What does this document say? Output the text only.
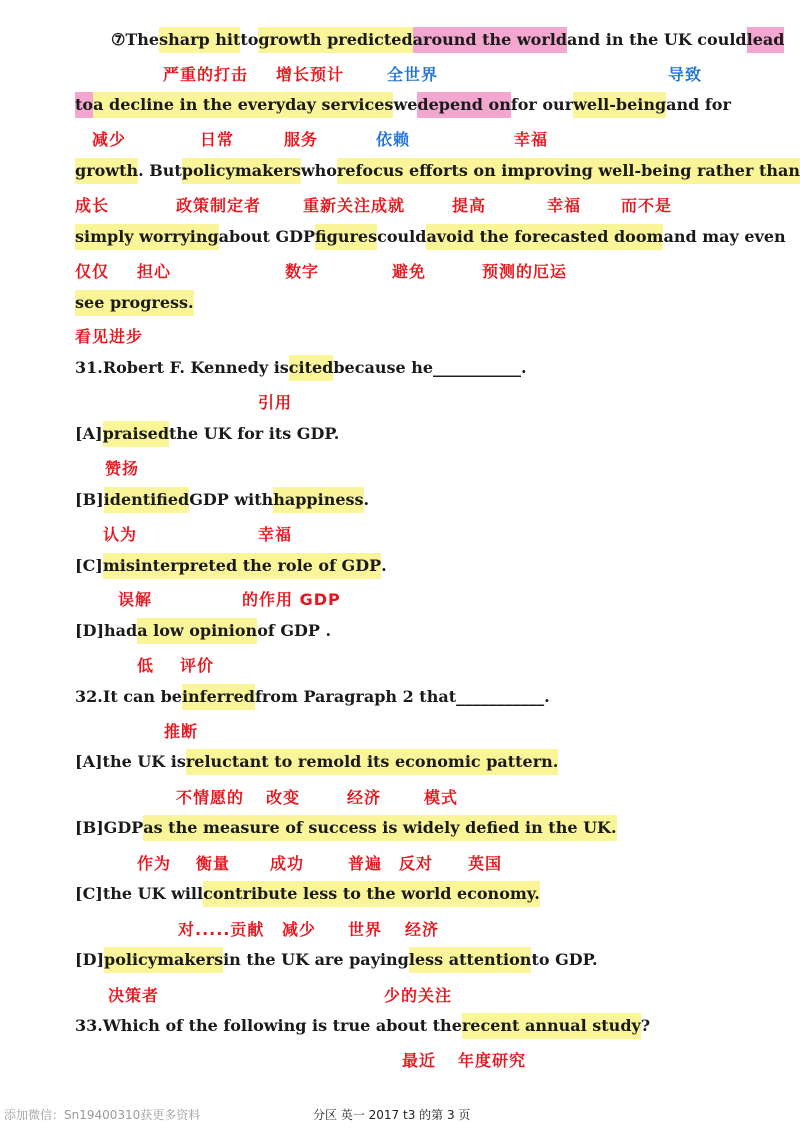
⑦Thesharp hittogrowth predictedaround the worldand in the UK couldlead
严重的打击 增长预计	全世界	导致
toa decline in the everyday serviceswedepend onfor ourwell-beingand for
减少	日常	服务	依赖	幸福
growth. Butpolicymakerswhorefocus efforts on improving well-being rather than
成长	政策制定者	重新关注成就	提高	幸福 而不是
simply worryingabout GDPfigurescouldavoid the forecasted doomand may even
仅仅 担心	数字	避免	预测的厄运
see progress.
看见进步
31.Robert F. Kennedy iscitedbecause he___________.
引用
[A]praisedthe UK for its GDP.
赞扬
[B]identifiedGDP withhappiness.
认为	幸福
[C]misinterpreted the role of GDP.
误解	的作用 GDP
[D]hada low opinionof GDP .
低 评价
32.It can beinferredfrom Paragraph 2 that___________.
推断
[A]the UK isreluctant to remold its economic pattern.
不情愿的 改变	经济	模式
[B]GDPas the measure of success is widely defied in the UK.
作为 衡量 成功	普遍 反对 英国
[C]the UK willcontribute less to the world economy.
对.....贡献 减少 世界 经济
[D]policymakersin the UK are payingless attentionto GDP.
决策者	少的关注
33.Which of the following is true about therecent annual study?
最近 年度研究
添加微信：Sn19400310获更多资料	分区 英一 2017 t3 的第 3 页
